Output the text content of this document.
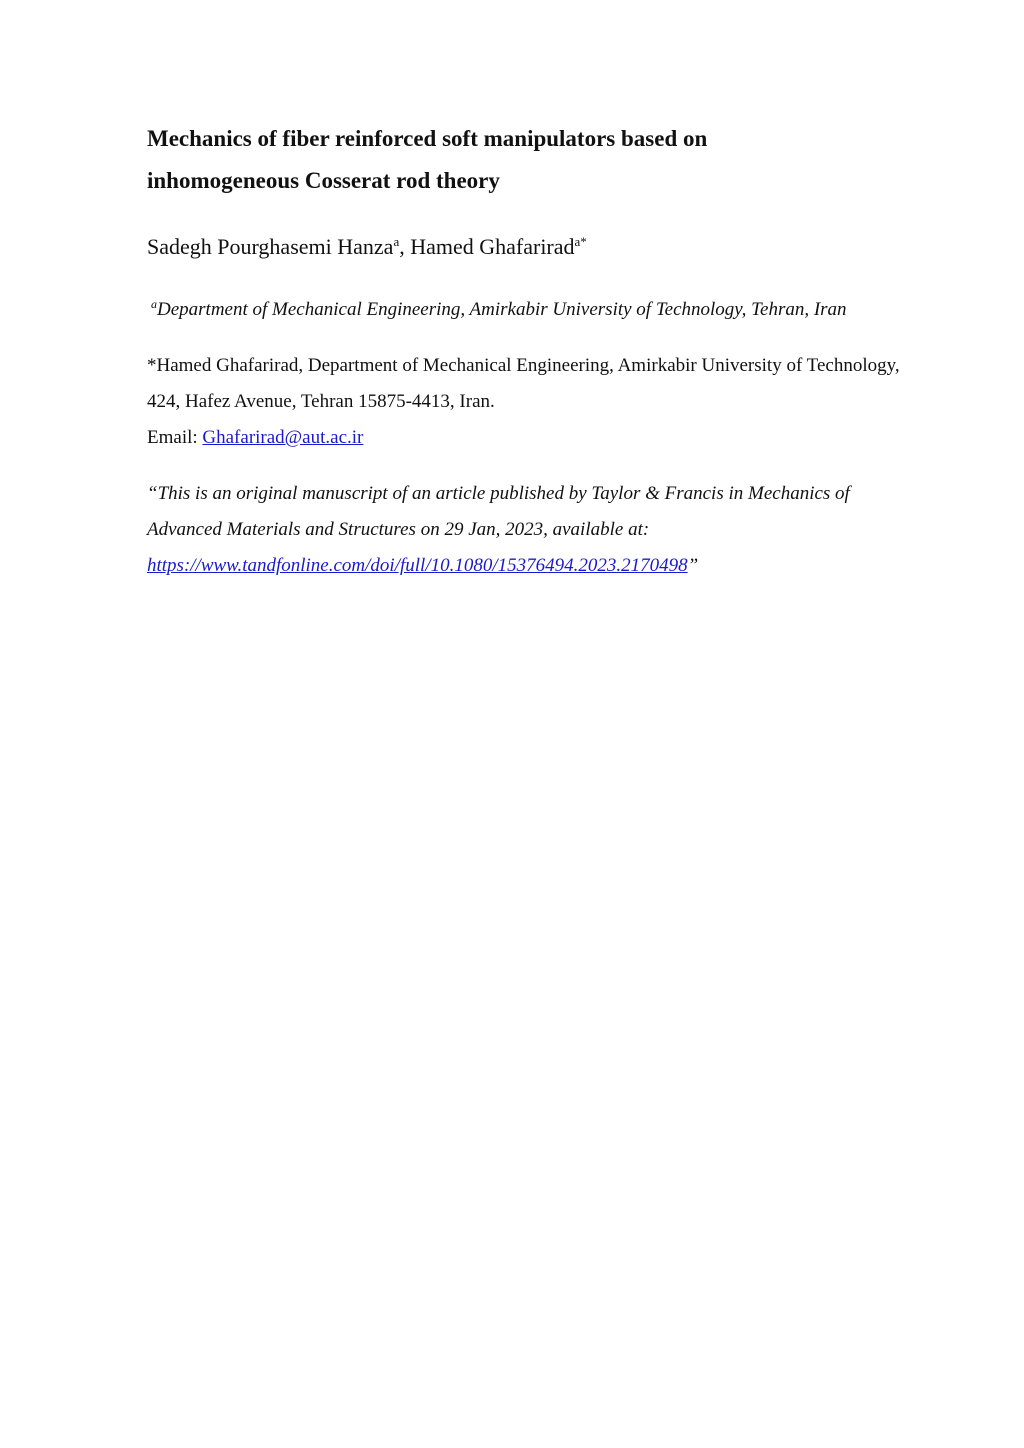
Mechanics of fiber reinforced soft manipulators based on
inhomogeneous Cosserat rod theory
Sadegh Pourghasemi Hanza$^a$, Hamed Ghafarirad$^{a*}$
$^a$Department of Mechanical Engineering, Amirkabir University of Technology, Tehran, Iran
*Hamed Ghafarirad, Department of Mechanical Engineering, Amirkabir University of Technology, 424, Hafez Avenue, Tehran 15875-4413, Iran.
Email: Ghafarirad@aut.ac.ir
“This is an original manuscript of an article published by Taylor & Francis in Mechanics of Advanced Materials and Structures on 29 Jan, 2023, available at:
https://www.tandfonline.com/doi/full/10.1080/15376494.2023.2170498”
